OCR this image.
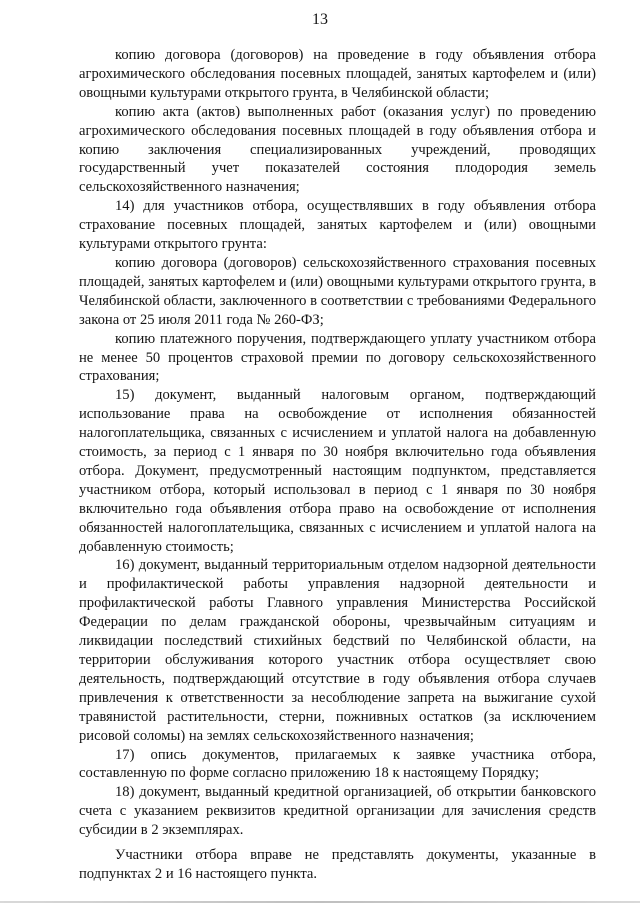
13

копию договора (договоров) на проведение в году объявления отбора агрохимического обследования посевных площадей, занятых картофелем и (или) овощными культурами открытого грунта, в Челябинской области;

копию акта (актов) выполненных работ (оказания услуг) по проведению агрохимического обследования посевных площадей в году объявления отбора и копию заключения специализированных учреждений, проводящих государственный учет показателей состояния плодородия земель сельскохозяйственного назначения;

14) для участников отбора, осуществлявших в году объявления отбора страхование посевных площадей, занятых картофелем и (или) овощными культурами открытого грунта:

копию договора (договоров) сельскохозяйственного страхования посевных площадей, занятых картофелем и (или) овощными культурами открытого грунта, в Челябинской области, заключенного в соответствии с требованиями Федерального закона от 25 июля 2011 года № 260-ФЗ;

копию платежного поручения, подтверждающего уплату участником отбора не менее 50 процентов страховой премии по договору сельскохозяйственного страхования;

15) документ, выданный налоговым органом, подтверждающий использование права на освобождение от исполнения обязанностей налогоплательщика, связанных с исчислением и уплатой налога на добавленную стоимость, за период с 1 января по 30 ноября включительно года объявления отбора. Документ, предусмотренный настоящим подпунктом, представляется участником отбора, который использовал в период с 1 января по 30 ноября включительно года объявления отбора право на освобождение от исполнения обязанностей налогоплательщика, связанных с исчислением и уплатой налога на добавленную стоимость;

16) документ, выданный территориальным отделом надзорной деятельности и профилактической работы управления надзорной деятельности и профилактической работы Главного управления Министерства Российской Федерации по делам гражданской обороны, чрезвычайным ситуациям и ликвидации последствий стихийных бедствий по Челябинской области, на территории обслуживания которого участник отбора осуществляет свою деятельность, подтверждающий отсутствие в году объявления отбора случаев привлечения к ответственности за несоблюдение запрета на выжигание сухой травянистой растительности, стерни, пожнивных остатков (за исключением рисовой соломы) на землях сельскохозяйственного назначения;

17) опись документов, прилагаемых к заявке участника отбора, составленную по форме согласно приложению 18 к настоящему Порядку;

18) документ, выданный кредитной организацией, об открытии банковского счета с указанием реквизитов кредитной организации для зачисления средств субсидии в 2 экземплярах.

Участники отбора вправе не представлять документы, указанные в подпунктах 2 и 16 настоящего пункта.
